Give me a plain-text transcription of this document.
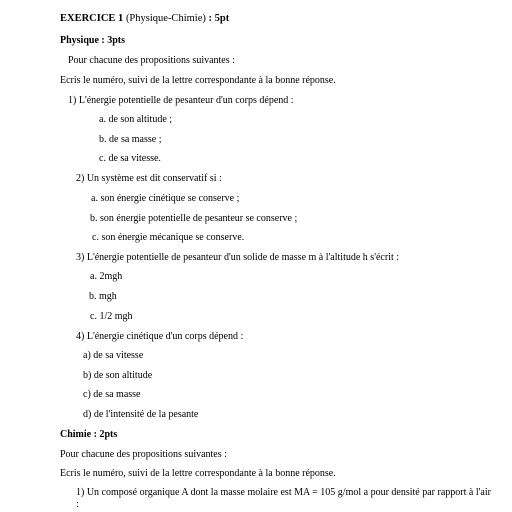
EXERCICE 1 (Physique-Chimie) : 5pt
Physique : 3pts
Pour chacune des propositions suivantes :
Ecris le numéro, suivi de la lettre correspondante à la bonne réponse.
1) L'énergie potentielle de pesanteur d'un corps dépend :
a. de son altitude ;
b. de sa masse ;
c. de sa vitesse.
2) Un système est dit conservatif si :
a. son énergie cinétique se conserve ;
b. son énergie potentielle de pesanteur se conserve ;
c. son énergie mécanique se conserve.
3) L'énergie potentielle de pesanteur d'un solide de masse m à l'altitude h s'écrit :
a. 2mgh
b. mgh
c. 1/2 mgh
4) L'énergie cinétique d'un corps dépend :
a) de sa vitesse
b) de son altitude
c) de sa masse
d) de l'intensité de la pesante
Chimie : 2pts
Pour chacune des propositions suivantes :
Ecris le numéro, suivi de la lettre correspondante à la bonne réponse.
1) Un composé organique A dont la masse molaire est MA = 105 g/mol a pour densité par rapport à l'air :
